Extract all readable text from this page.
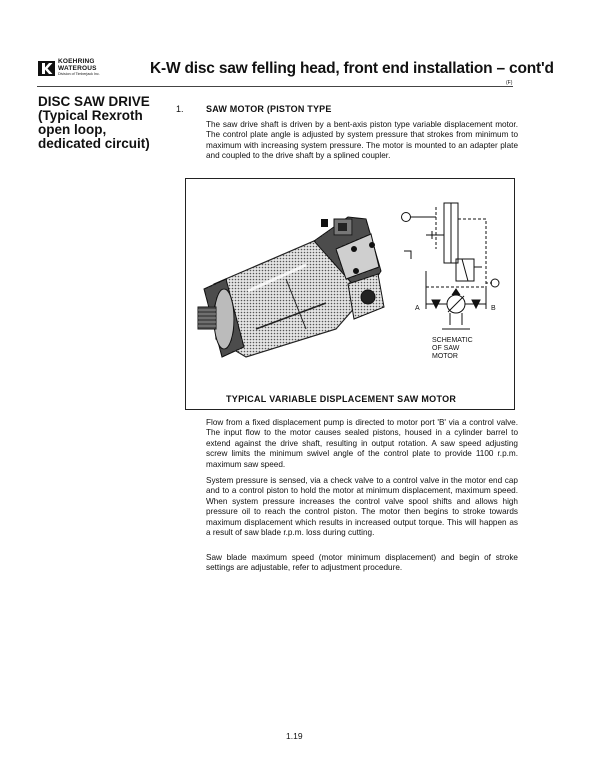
KOEHRING
WATEROUS
Division of Timberjack Inc.	K-W disc saw felling head, front end installation – cont'd
(F)
DISC SAW DRIVE
(Typical Rexroth
open loop,
dedicated circuit)
1. SAW MOTOR (PISTON TYPE
The saw drive shaft is driven by a bent-axis piston type variable displacement motor. The control plate angle is adjusted by system pressure that strokes from minimum to maximum with increasing system pressure. The motor is mounted to an adapter plate and coupled to the drive shaft by a splined coupler.
A	B
SCHEMATIC
OF SAW
MOTOR
TYPICAL VARIABLE DISPLACEMENT SAW MOTOR
Flow from a fixed displacement pump is directed to motor port 'B' via a control valve. The input flow to the motor causes sealed pistons, housed in a cylinder barrel to extend against the drive shaft, resulting in output rotation. A saw speed adjusting screw limits the minimum swivel angle of the control plate to provide 1100 r.p.m. maximum saw speed.
System pressure is sensed, via a check valve to a control valve in the motor end cap and to a control piston to hold the motor at minimum displacement, maximum speed. When system pressure increases the control valve spool shifts and allows high pressure oil to reach the control piston. The motor then begins to stroke towards maximum displacement which results in increased output torque. This will happen as a result of saw blade r.p.m. loss during cutting.
Saw blade maximum speed (motor minimum displacement) and begin of stroke settings are adjustable, refer to adjustment procedure.
1.19
